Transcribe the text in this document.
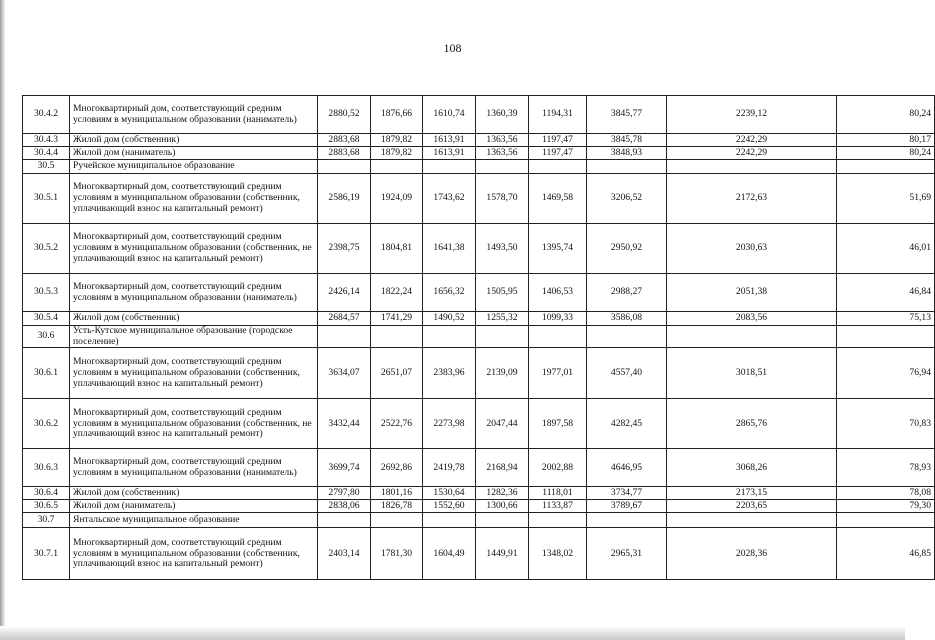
108
30.4.2	Многоквартирный дом, соответствующий средним условиям в муниципальном образовании (наниматель)	2880,52	1876,66	1610,74	1360,39	1194,31	3845,77	2239,12	80,24
30.4.3	Жилой дом (собственник)	2883,68	1879,82	1613,91	1363,56	1197,47	3845,78	2242,29	80,17
30.4.4	Жилой дом (наниматель)	2883,68	1879,82	1613,91	1363,56	1197,47	3848,93	2242,29	80,24
30.5	Ручейское муниципальное образование								
30.5.1	Многоквартирный дом, соответствующий средним условиям в муниципальном образовании (собственник, уплачивающий взнос на капитальный ремонт)	2586,19	1924,09	1743,62	1578,70	1469,58	3206,52	2172,63	51,69
30.5.2	Многоквартирный дом, соответствующий средним условиям в муниципальном образовании (собственник, не уплачивающий взнос на капитальный ремонт)	2398,75	1804,81	1641,38	1493,50	1395,74	2950,92	2030,63	46,01
30.5.3	Многоквартирный дом, соответствующий средним условиям в муниципальном образовании (наниматель)	2426,14	1822,24	1656,32	1505,95	1406,53	2988,27	2051,38	46,84
30.5.4	Жилой дом (собственник)	2684,57	1741,29	1490,52	1255,32	1099,33	3586,08	2083,56	75,13
30.6	Усть-Кутское муниципальное образование (городское поселение)								
30.6.1	Многоквартирный дом, соответствующий средним условиям в муниципальном образовании (собственник, уплачивающий взнос на капитальный ремонт)	3634,07	2651,07	2383,96	2139,09	1977,01	4557,40	3018,51	76,94
30.6.2	Многоквартирный дом, соответствующий средним условиям в муниципальном образовании (собственник, не уплачивающий взнос на капитальный ремонт)	3432,44	2522,76	2273,98	2047,44	1897,58	4282,45	2865,76	70,83
30.6.3	Многоквартирный дом, соответствующий средним условиям в муниципальном образовании (наниматель)	3699,74	2692,86	2419,78	2168,94	2002,88	4646,95	3068,26	78,93
30.6.4	Жилой дом (собственник)	2797,80	1801,16	1530,64	1282,36	1118,01	3734,77	2173,15	78,08
30.6.5	Жилой дом (наниматель)	2838,06	1826,78	1552,60	1300,66	1133,87	3789,67	2203,65	79,30
30.7	Янтальское муниципальное образование								
30.7.1	Многоквартирный дом, соответствующий средним условиям в муниципальном образовании (собственник, уплачивающий взнос на капитальный ремонт)	2403,14	1781,30	1604,49	1449,91	1348,02	2965,31	2028,36	46,85
